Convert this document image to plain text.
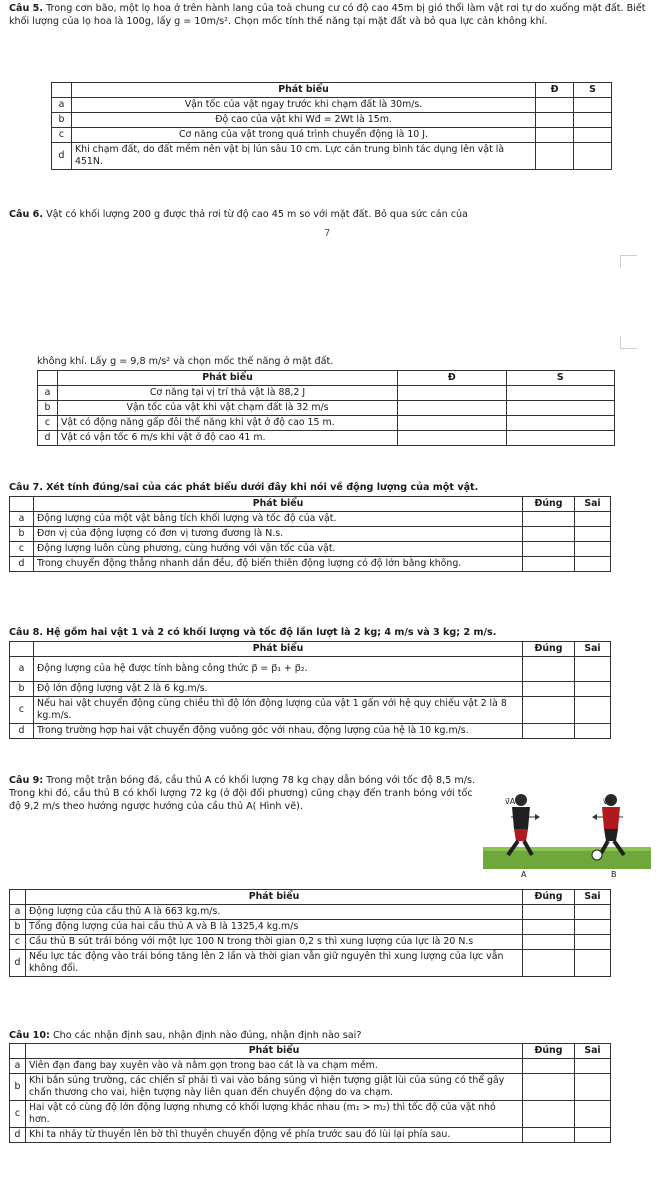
Câu 5. Trong cơn bão, một lọ hoa ở trên hành lang của toà chung cư có độ cao 45m bị gió thổi làm vật rơi tự do xuống mặt đất. Biết khối lượng của lọ hoa là 100g, lấy g = 10m/s². Chọn mốc tính thế năng tại mặt đất và bỏ qua lực cản không khí.
	Phát biểu	Đ	S
a	Vận tốc của vật ngay trước khi chạm đất là 30m/s.		
b	Độ cao của vật khi Wđ = 2Wt là 15m.		
c	Cơ năng của vật trong quá trình chuyển động là 10 J.		
d	Khi chạm đất, do đất mềm nên vật bị lún sâu 10 cm. Lực cản trung bình tác dụng lên vật là 451N.		
Câu 6. Vật có khối lượng 200 g được thả rơi từ độ cao 45 m so với mặt đất. Bỏ qua sức cản của
7
không khí. Lấy g = 9,8 m/s² và chọn mốc thế năng ở mặt đất.
	Phát biểu	Đ	S
a	Cơ năng tại vị trí thả vật là 88,2 J		
b	Vận tốc của vật khi vật chạm đất là 32 m/s		
c	Vật có động năng gấp đôi thế năng khi vật ở độ cao 15 m.		
d	Vật có vận tốc 6 m/s khi vật ở độ cao 41 m.		
Câu 7. Xét tính đúng/sai của các phát biểu dưới đây khi nói về động lượng của một vật.
	Phát biểu	Đúng	Sai
a	Động lượng của một vật bằng tích khối lượng và tốc độ của vật.		
b	Đơn vị của động lượng có đơn vị tương đương là N.s.		
c	Động lượng luôn cùng phương, cùng hướng với vận tốc của vật.		
d	Trong chuyển động thẳng nhanh dần đều, độ biến thiên động lượng có độ lớn bằng không.		
Câu 8. Hệ gồm hai vật 1 và 2 có khối lượng và tốc độ lần lượt là 2 kg; 4 m/s và 3 kg; 2 m/s.
	Phát biểu	Đúng	Sai
a	Động lượng của hệ được tính bằng công thức p⃗ = p⃗₁ + p⃗₂.		
b	Độ lớn động lượng vật 2 là 6 kg.m/s.		
c	Nếu hai vật chuyển động cùng chiều thì độ lớn động lượng của vật 1 gấn với hệ quy chiếu vật 2 là 8 kg.m/s.		
d	Trong trường hợp hai vật chuyển động vuông góc với nhau, động lượng của hệ là 10 kg.m/s.		
Câu 9: Trong một trận bóng đá, cầu thủ A có khối lượng 78 kg chạy dẫn bóng với tốc độ 8,5 m/s. Trong khi đó, cầu thủ B có khối lượng 72 kg (ở đội đối phương) cũng chạy đến tranh bóng với tốc độ 9,2 m/s theo hướng ngược hướng của cầu thủ A( Hình vẽ).	v⃗A	v⃗B
A	B
	Phát biểu	Đúng	Sai
a	Động lượng của cầu thủ A là 663 kg.m/s.		
b	Tổng động lượng của hai cầu thủ A và B là 1325,4 kg.m/s		
c	Cầu thủ B sút trái bóng với một lực 100 N trong thời gian 0,2 s thì xung lượng của lực là 20 N.s		
d	Nếu lực tác động vào trái bóng tăng lên 2 lần và thời gian vẫn giữ nguyên thì xung lượng của lực vẫn không đổi.		
Câu 10: Cho các nhận định sau, nhận định nào đúng, nhận định nào sai?
	Phát biểu	Đúng	Sai
a	Viên đạn đang bay xuyên vào và nằm gọn trong bao cát là va chạm mềm.		
b	Khi bắn súng trường, các chiến sĩ phải tì vai vào báng súng vì hiện tượng giật lùi của súng có thể gây chấn thương cho vai, hiện tượng này liên quan đến chuyển động do va chạm.		
c	Hai vật có cùng độ lớn động lượng nhưng có khối lượng khác nhau (m₁ > m₂) thì tốc độ của vật nhỏ hơn.		
d	Khi ta nhảy từ thuyền lên bờ thì thuyền chuyển động về phía trước sau đó lùi lại phía sau.		
